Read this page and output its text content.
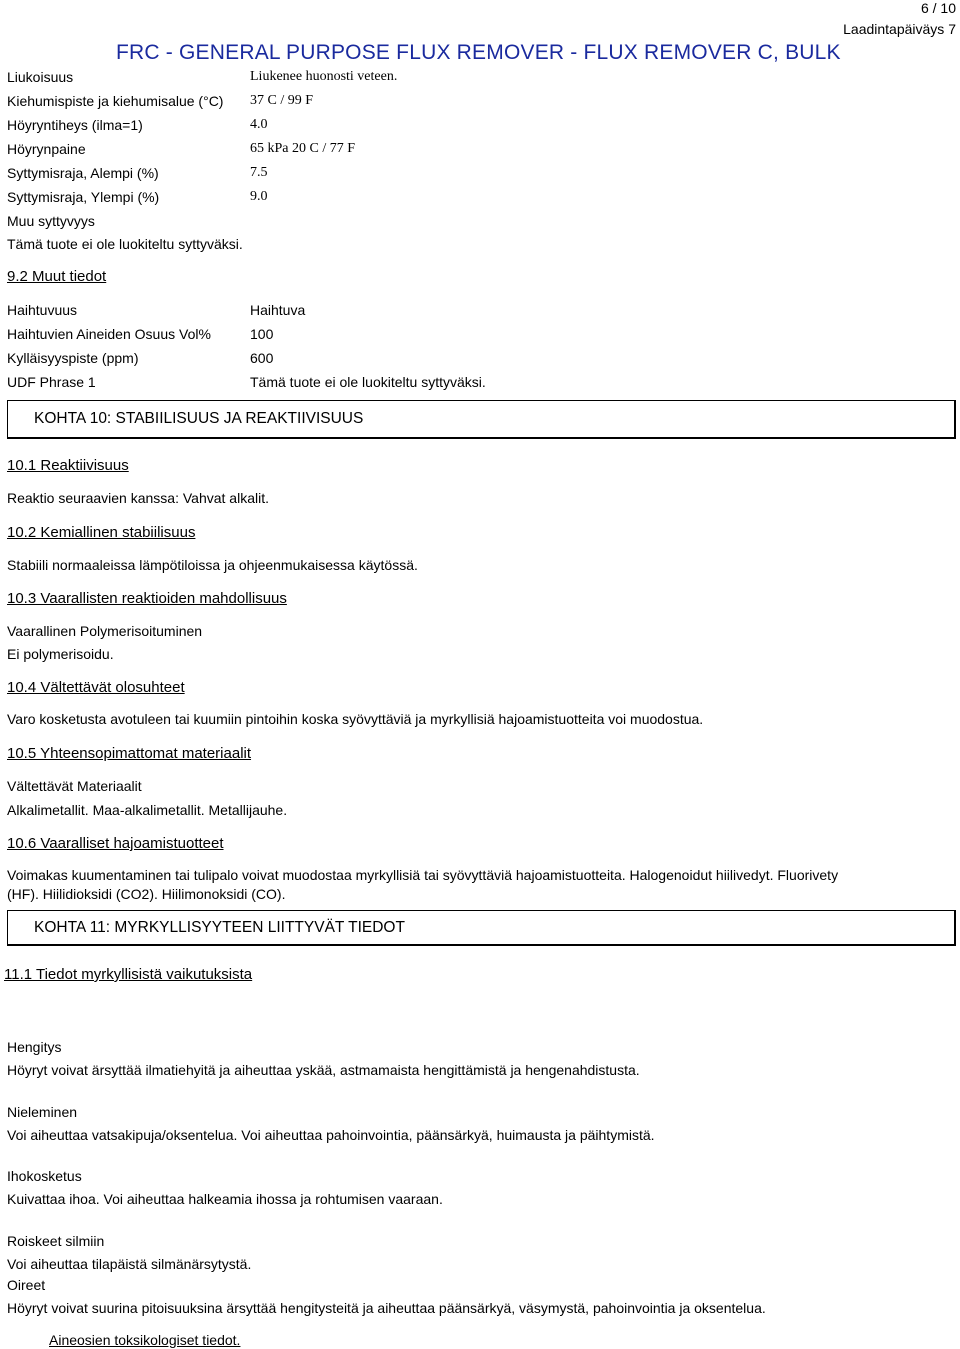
6 / 10
Laadintapäiväys 7
FRC - GENERAL PURPOSE FLUX REMOVER - FLUX REMOVER C, BULK
Liukoisuus	Liukenee huonosti veteen.
Kiehumispiste ja kiehumisalue (°C) 37 C / 99 F
Höyryntiheys (ilma=1)	4.0
Höyrynpaine	65 kPa 20 C / 77 F
Syttymisraja, Alempi (%)	7.5
Syttymisraja, Ylempi (%)	9.0
Muu syttyvyys
Tämä tuote ei ole luokiteltu syttyväksi.
9.2 Muut tiedot
Haihtuvuus	Haihtuva
Haihtuvien Aineiden Osuus Vol%	100
Kylläisyyspiste (ppm)	600
UDF Phrase 1	Tämä tuote ei ole luokiteltu syttyväksi.
KOHTA 10: STABIILISUUS JA REAKTIIVISUUS
10.1 Reaktiivisuus
Reaktio seuraavien kanssa: Vahvat alkalit.
10.2 Kemiallinen stabiilisuus
Stabiili normaaleissa lämpötiloissa ja ohjeenmukaisessa käytössä.
10.3 Vaarallisten reaktioiden mahdollisuus
Vaarallinen Polymerisoituminen
Ei polymerisoidu.
10.4 Vältettävät olosuhteet
Varo kosketusta avotuleen tai kuumiin pintoihin koska syövyttäviä ja myrkyllisiä hajoamistuotteita voi muodostua.
10.5 Yhteensopimattomat materiaalit
Vältettävät Materiaalit
Alkalimetallit. Maa-alkalimetallit. Metallijauhe.
10.6 Vaaralliset hajoamistuotteet
Voimakas kuumentaminen tai tulipalo voivat muodostaa myrkyllisiä tai syövyttäviä hajoamistuotteita. Halogenoidut hiilivedyt. Fluorivety (HF). Hiilidioksidi (CO2). Hiilimonoksidi (CO).
KOHTA 11: MYRKYLLISYYTEEN LIITTYVÄT TIEDOT
11.1 Tiedot myrkyllisistä vaikutuksista
Hengitys
Höyryt voivat ärsyttää ilmatiehyitä ja aiheuttaa yskää, astmamaista hengittämistä ja hengenahdistusta.
Nieleminen
Voi aiheuttaa vatsakipuja/oksentelua. Voi aiheuttaa pahoinvointia, päänsärkyä, huimausta ja päihtymistä.
Ihokosketus
Kuivattaa ihoa. Voi aiheuttaa halkeamia ihossa ja rohtumisen vaaraan.
Roiskeet silmiin
Voi aiheuttaa tilapäistä silmänärsytystä.
Oireet
Höyryt voivat suurina pitoisuuksina ärsyttää hengitysteitä ja aiheuttaa päänsärkyä, väsymystä, pahoinvointia ja oksentelua.
Aineosien toksikologiset tiedot.
